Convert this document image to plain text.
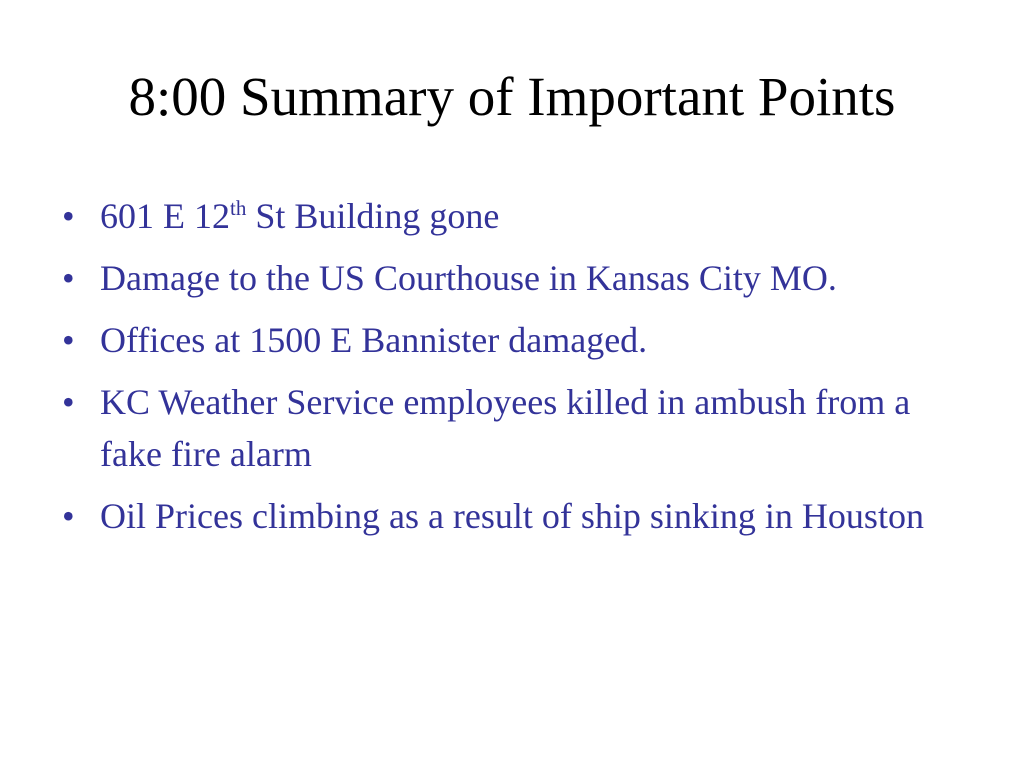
8:00 Summary of Important Points
• 601 E 12th St Building gone
• Damage to the US Courthouse in Kansas City MO.
• Offices at 1500 E Bannister damaged.
• KC Weather Service employees killed in ambush from a fake fire alarm
• Oil Prices climbing as a result of ship sinking in Houston
